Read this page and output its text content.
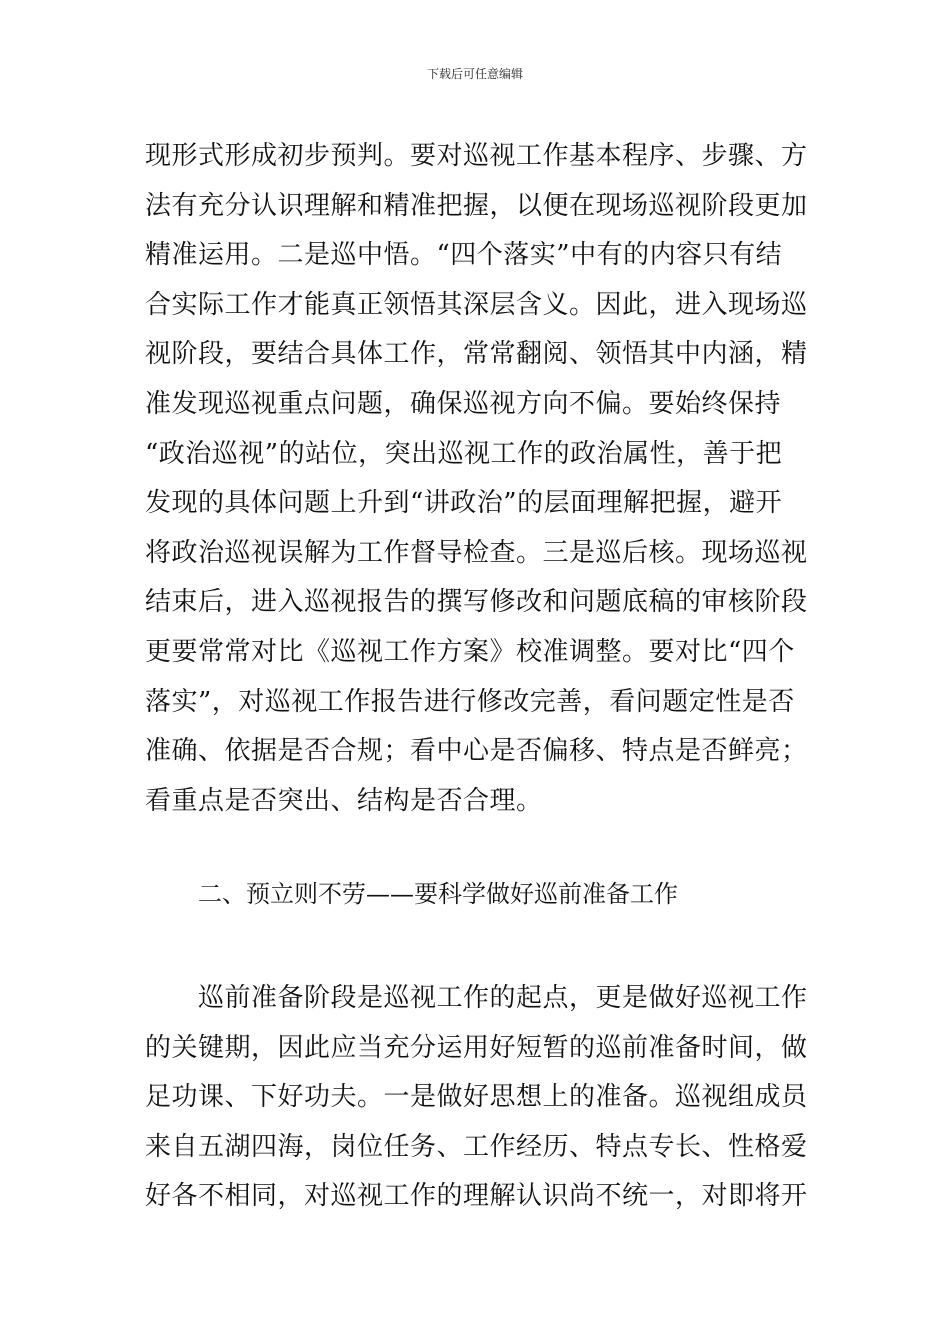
下载后可任意编辑
现形式形成初步预判。要对巡视工作基本程序、步骤、方
法有充分认识理解和精准把握，以便在现场巡视阶段更加
精准运用。二是巡中悟。“四个落实”中有的内容只有结
合实际工作才能真正领悟其深层含义。因此，进入现场巡
视阶段，要结合具体工作，常常翻阅、领悟其中内涵，精
准发现巡视重点问题，确保巡视方向不偏。要始终保持
“政治巡视”的站位，突出巡视工作的政治属性，善于把
发现的具体问题上升到“讲政治”的层面理解把握，避开
将政治巡视误解为工作督导检查。三是巡后核。现场巡视
结束后，进入巡视报告的撰写修改和问题底稿的审核阶段
更要常常对比《巡视工作方案》校准调整。要对比“四个
落实”，对巡视工作报告进行修改完善，看问题定性是否
准确、依据是否合规；看中心是否偏移、特点是否鲜亮；
看重点是否突出、结构是否合理。
二、预立则不劳——要科学做好巡前准备工作
巡前准备阶段是巡视工作的起点，更是做好巡视工作
的关键期，因此应当充分运用好短暂的巡前准备时间，做
足功课、下好功夫。一是做好思想上的准备。巡视组成员
来自五湖四海，岗位任务、工作经历、特点专长、性格爱
好各不相同，对巡视工作的理解认识尚不统一，对即将开
